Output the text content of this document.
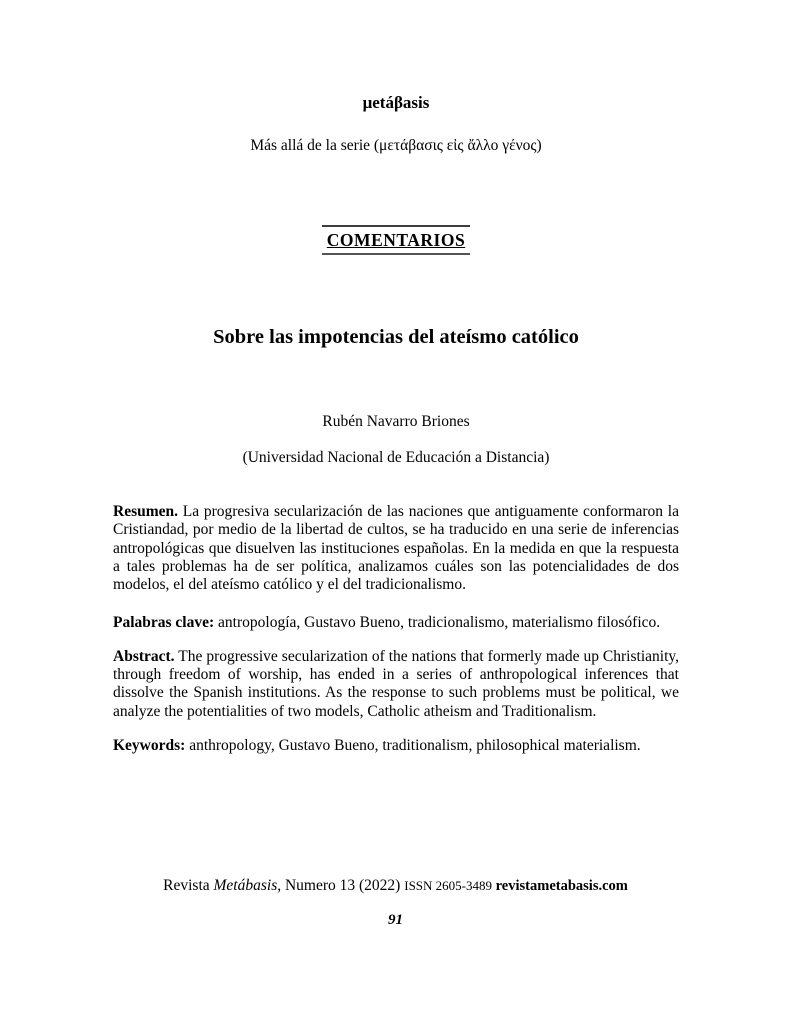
μetáβasis
Más allá de la serie (μετάβασις εἰς ἄλλο γένος)
COMENTARIOS
Sobre las impotencias del ateísmo católico
Rubén Navarro Briones
(Universidad Nacional de Educación a Distancia)

Resumen. La progresiva secularización de las naciones que antiguamente conformaron la Cristiandad, por medio de la libertad de cultos, se ha traducido en una serie de inferencias antropológicas que disuelven las instituciones españolas. En la medida en que la respuesta a tales problemas ha de ser política, analizamos cuáles son las potencialidades de dos modelos, el del ateísmo católico y el del tradicionalismo.

Palabras clave: antropología, Gustavo Bueno, tradicionalismo, materialismo filosófico.

Abstract. The progressive secularization of the nations that formerly made up Christianity, through freedom of worship, has ended in a series of anthropological inferences that dissolve the Spanish institutions. As the response to such problems must be political, we analyze the potentialities of two models, Catholic atheism and Traditionalism.

Keywords: anthropology, Gustavo Bueno, traditionalism, philosophical materialism.

Revista Metábasis, Numero 13 (2022) ISSN 2605-3489 revistametabasis.com
91
